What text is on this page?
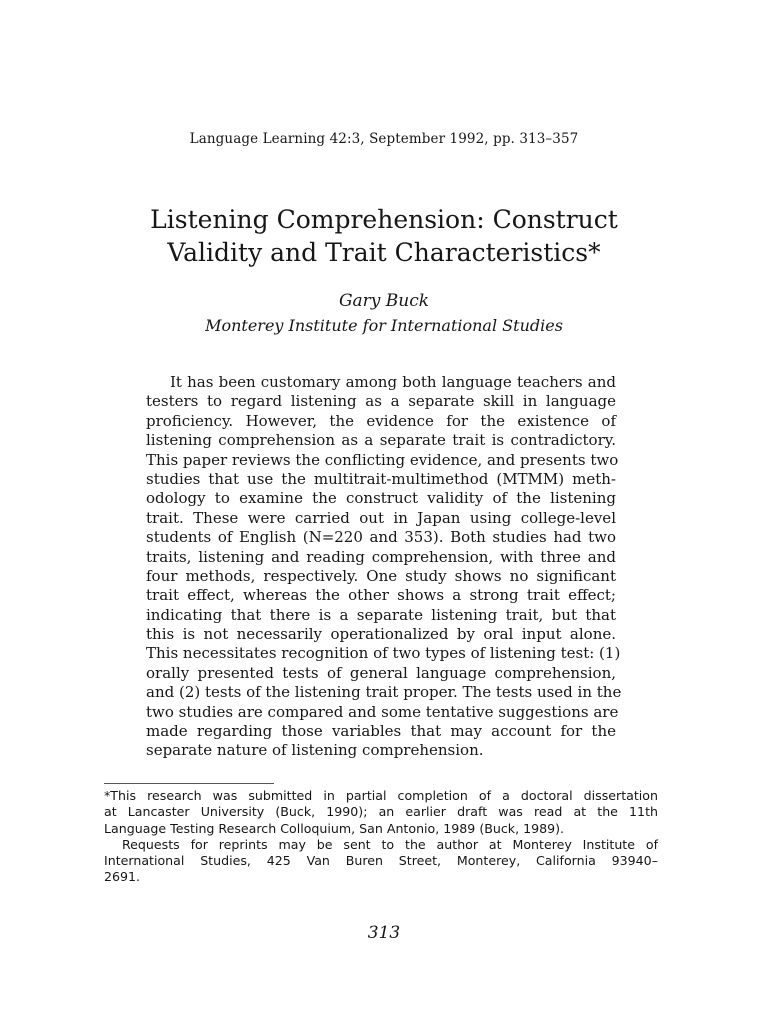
Language Learning 42:3, September 1992, pp. 313–357
Listening Comprehension: Construct
Validity and Trait Characteristics*
Gary Buck
Monterey Institute for International Studies
It has been customary among both language teachers and
testers to regard listening as a separate skill in language
proficiency. However, the evidence for the existence of
listening comprehension as a separate trait is contradictory.
This paper reviews the conflicting evidence, and presents two
studies that use the multitrait-multimethod (MTMM) meth-
odology to examine the construct validity of the listening
trait. These were carried out in Japan using college-level
students of English (N=220 and 353). Both studies had two
traits, listening and reading comprehension, with three and
four methods, respectively. One study shows no significant
trait effect, whereas the other shows a strong trait effect;
indicating that there is a separate listening trait, but that
this is not necessarily operationalized by oral input alone.
This necessitates recognition of two types of listening test: (1)
orally presented tests of general language comprehension,
and (2) tests of the listening trait proper. The tests used in the
two studies are compared and some tentative suggestions are
made regarding those variables that may account for the
separate nature of listening comprehension.
*This research was submitted in partial completion of a doctoral dissertation
at Lancaster University (Buck, 1990); an earlier draft was read at the 11th
Language Testing Research Colloquium, San Antonio, 1989 (Buck, 1989).
Requests for reprints may be sent to the author at Monterey Institute of
International Studies, 425 Van Buren Street, Monterey, California 93940–
2691.
313
